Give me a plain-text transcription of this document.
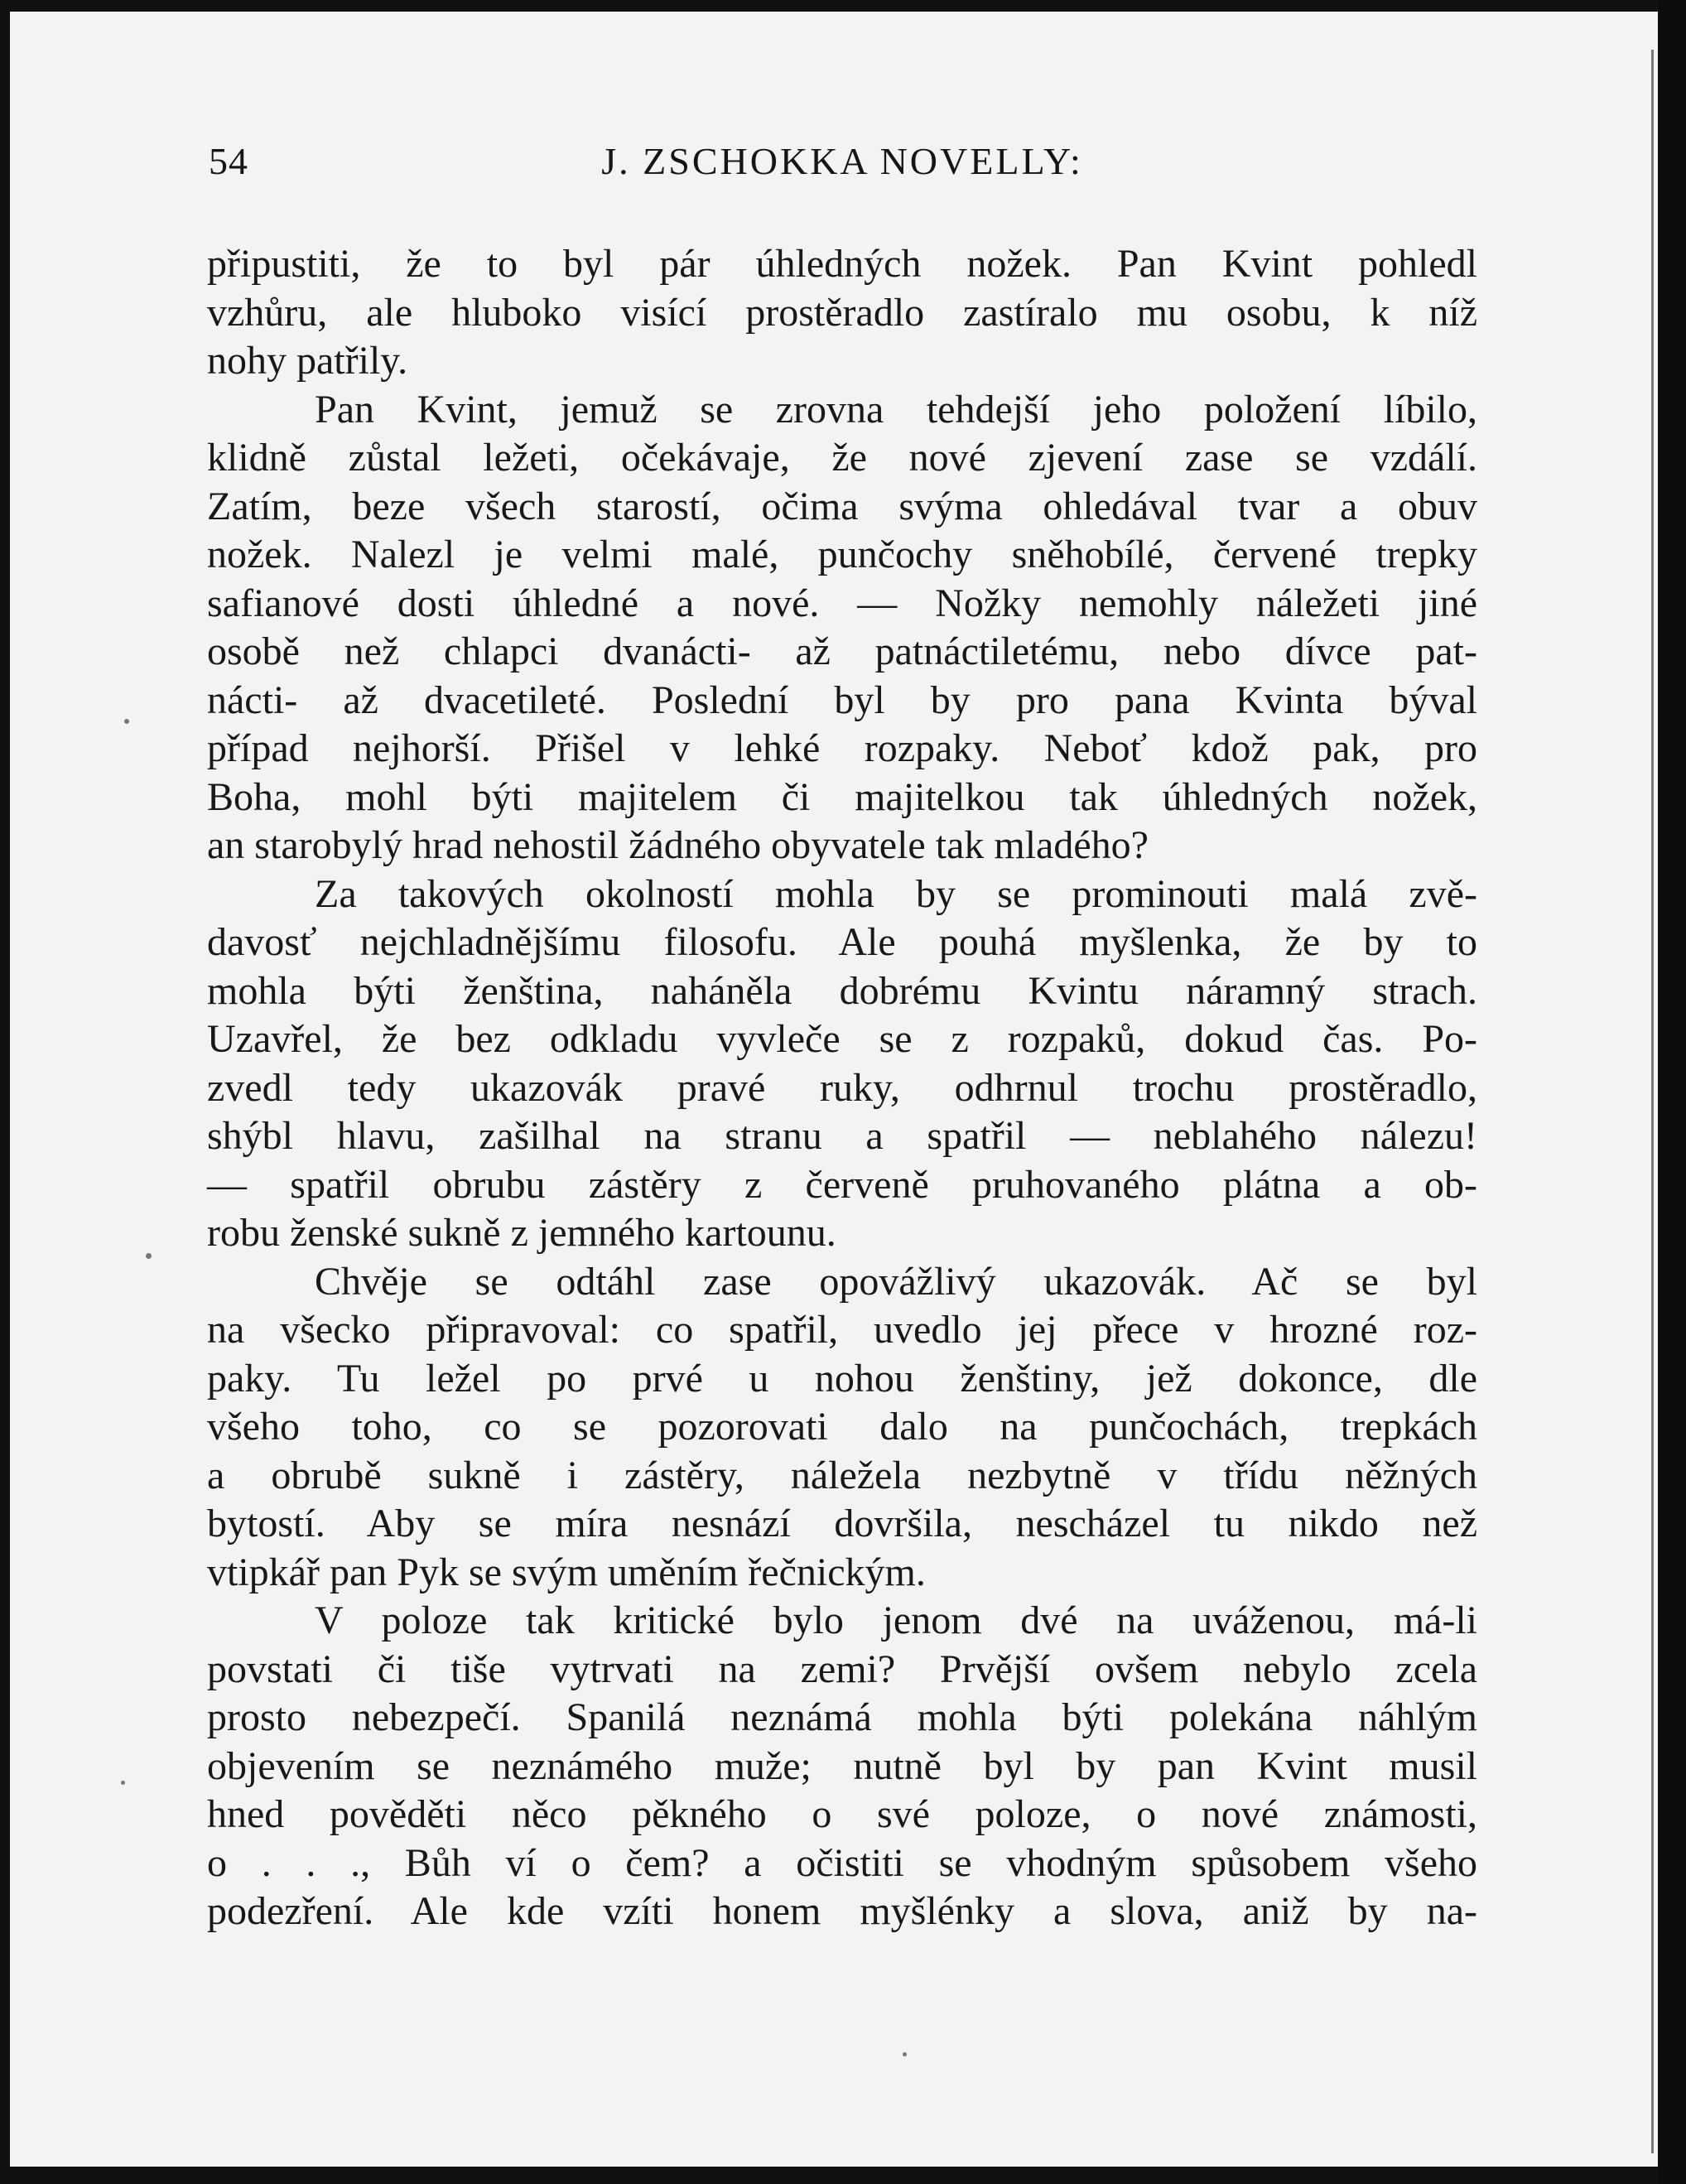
54	J. ZSCHOKKA NOVELLY:
připustiti, že to byl pár úhledných nožek. Pan Kvint pohledl
vzhůru, ale hluboko visící prostěradlo zastíralo mu osobu, k níž
nohy patřily.
Pan Kvint, jemuž se zrovna tehdejší jeho položení líbilo,
klidně zůstal ležeti, očekávaje, že nové zjevení zase se vzdálí.
Zatím, beze všech starostí, očima svýma ohledával tvar a obuv
nožek. Nalezl je velmi malé, punčochy sněhobílé, červené trepky
safianové dosti úhledné a nové. — Nožky nemohly náležeti jiné
osobě než chlapci dvanácti- až patnáctiletému, nebo dívce pat-
nácti- až dvacetileté. Poslední byl by pro pana Kvinta býval
případ nejhorší. Přišel v lehké rozpaky. Neboť kdož pak, pro
Boha, mohl býti majitelem či majitelkou tak úhledných nožek,
an starobylý hrad nehostil žádného obyvatele tak mladého?
Za takových okolností mohla by se prominouti malá zvě-
davosť nejchladnějšímu filosofu. Ale pouhá myšlenka, že by to
mohla býti ženština, naháněla dobrému Kvintu náramný strach.
Uzavřel, že bez odkladu vyvleče se z rozpaků, dokud čas. Po-
zvedl tedy ukazovák pravé ruky, odhrnul trochu prostěradlo,
shýbl hlavu, zašilhal na stranu a spatřil — neblahého nálezu!
— spatřil obrubu zástěry z červeně pruhovaného plátna a ob-
robu ženské sukně z jemného kartounu.
Chvěje se odtáhl zase opovážlivý ukazovák. Ač se byl
na všecko připravoval: co spatřil, uvedlo jej přece v hrozné roz-
paky. Tu ležel po prvé u nohou ženštiny, jež dokonce, dle
všeho toho, co se pozorovati dalo na punčochách, trepkách
a obrubě sukně i zástěry, náležela nezbytně v třídu něžných
bytostí. Aby se míra nesnází dovršila, nescházel tu nikdo než
vtipkář pan Pyk se svým uměním řečnickým.
V poloze tak kritické bylo jenom dvé na uváženou, má-li
povstati či tiše vytrvati na zemi? Prvější ovšem nebylo zcela
prosto nebezpečí. Spanilá neznámá mohla býti polekána náhlým
objevením se neznámého muže; nutně byl by pan Kvint musil
hned pověděti něco pěkného o své poloze, o nové známosti,
o . . ., Bůh ví o čem? a očistiti se vhodným spůsobem všeho
podezření. Ale kde vzíti honem myšlénky a slova, aniž by na-
